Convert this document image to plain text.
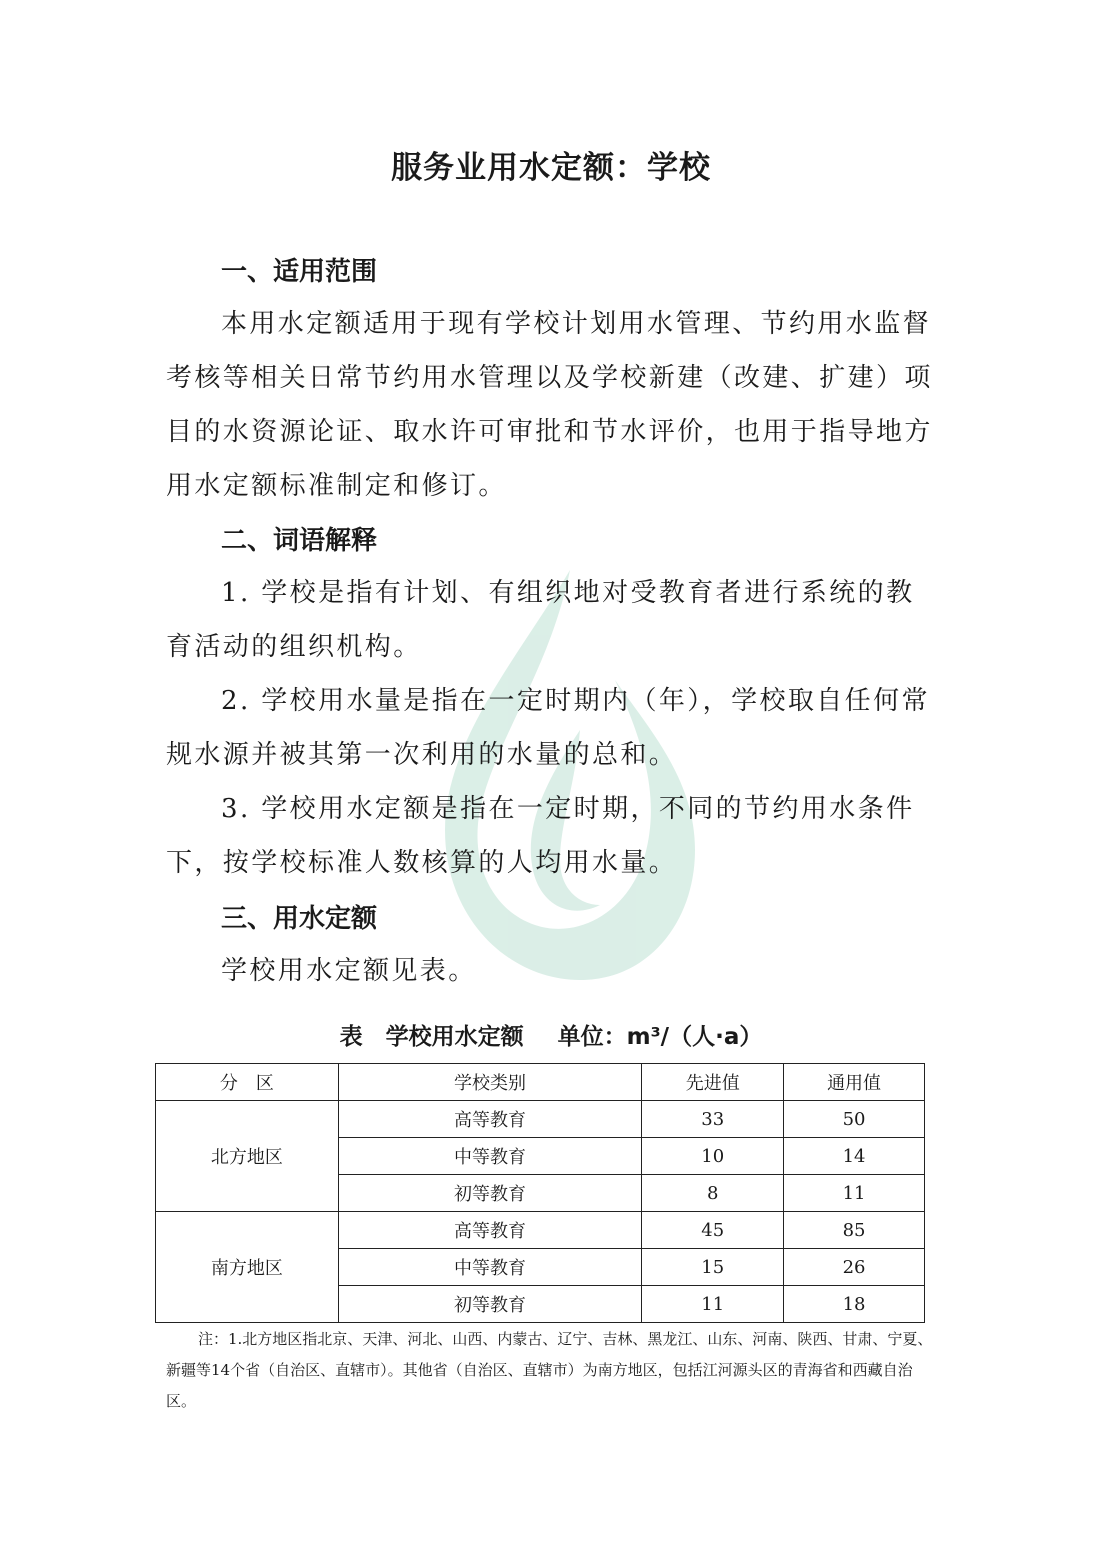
服务业用水定额：学校
一、适用范围
本用水定额适用于现有学校计划用水管理、节约用水监督考核等相关日常节约用水管理以及学校新建（改建、扩建）项目的水资源论证、取水许可审批和节水评价，也用于指导地方用水定额标准制定和修订。
二、词语解释
1. 学校是指有计划、有组织地对受教育者进行系统的教育活动的组织机构。
2. 学校用水量是指在一定时期内（年），学校取自任何常规水源并被其第一次利用的水量的总和。
3. 学校用水定额是指在一定时期，不同的节约用水条件下，按学校标准人数核算的人均用水量。
三、用水定额
学校用水定额见表。
表　学校用水定额 单位：m³/（人·a）
分　区	学校类别	先进值	通用值
北方地区	高等教育	33	50
	中等教育	10	14
	初等教育	8	11
南方地区	高等教育	45	85
	中等教育	15	26
	初等教育	11	18
注：1.北方地区指北京、天津、河北、山西、内蒙古、辽宁、吉林、黑龙江、山东、河南、陕西、甘肃、宁夏、新疆等14个省（自治区、直辖市）。其他省（自治区、直辖市）为南方地区，包括江河源头区的青海省和西藏自治区。
